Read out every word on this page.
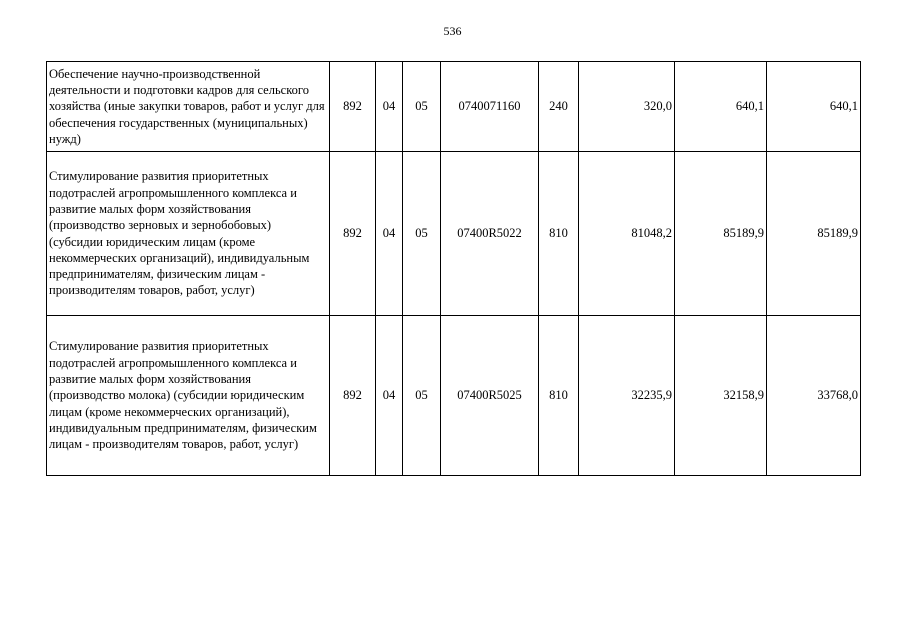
536
Обеспечение научно-производственной деятельности и подготовки кадров для сельского хозяйства (иные закупки товаров, работ и услуг для обеспечения государственных (муниципальных) нужд)	892	04	05	0740071160	240	320,0	640,1	640,1
Стимулирование развития приоритетных подотраслей агропромышленного комплекса и развитие малых форм хозяйствования (производство зерновых и зернобобовых) (субсидии юридическим лицам (кроме некоммерческих организаций), индивидуальным предпринимателям, физическим лицам - производителям товаров, работ, услуг)	892	04	05	07400R5022	810	81048,2	85189,9	85189,9
Стимулирование развития приоритетных подотраслей агропромышленного комплекса и развитие малых форм хозяйствования (производство молока) (субсидии юридическим лицам (кроме некоммерческих организаций), индивидуальным предпринимателям, физическим лицам - производителям товаров, работ, услуг)	892	04	05	07400R5025	810	32235,9	32158,9	33768,0
